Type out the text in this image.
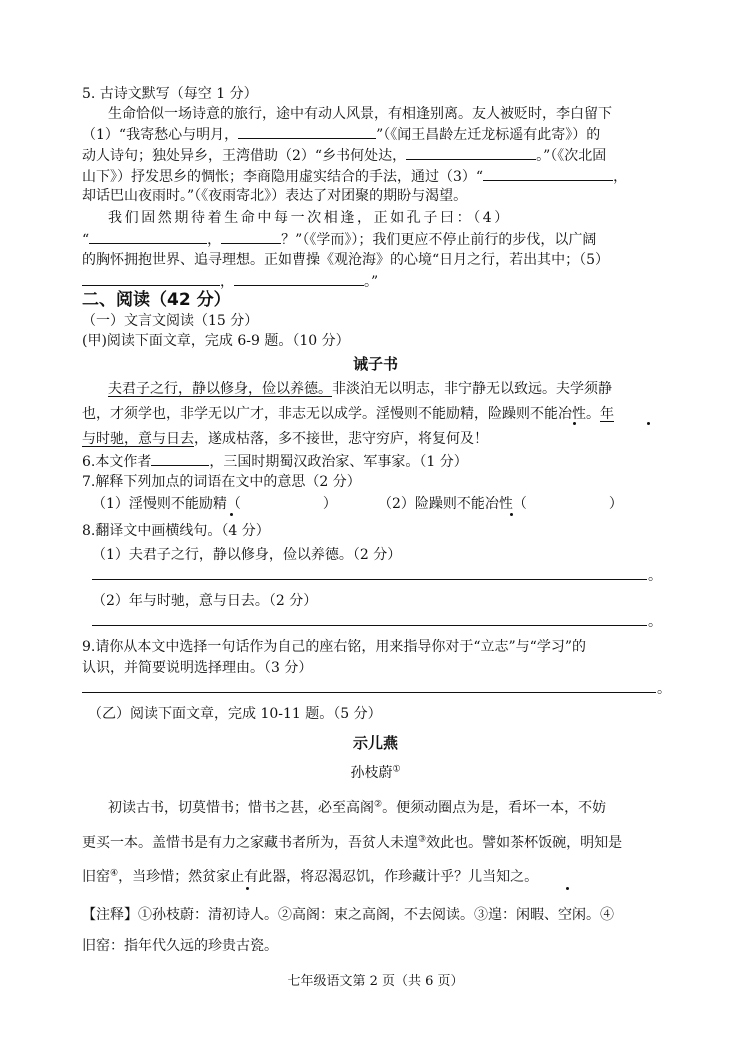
5. 古诗文默写（每空 1 分）
生命恰似一场诗意的旅行，途中有动人风景，有相逢别离。友人被贬时，李白留下
（1）“我寄愁心与明月，	”（《闻王昌龄左迁龙标遥有此寄》）的
动人诗句；独处异乡，王湾借助（2）“乡书何处达，	。”（《次北固
山下》）抒发思乡的惆怅；李商隐用虚实结合的手法，通过（3）“	，
却话巴山夜雨时。”（《夜雨寄北》）表达了对团聚的期盼与渴望。
我们固然期待着生命中每一次相逢，正如孔子曰：（4）
“	，	？”（《学而》）；我们更应不停止前行的步伐，以广阔
的胸怀拥抱世界、追寻理想。正如曹操《观沧海》的心境“日月之行，若出其中；（5）
，	。”
二、阅读（42 分）
（一）文言文阅读（15 分）
(甲)阅读下面文章，完成 6-9 题。（10 分）
诫子书
夫君子之行，静以修身，俭以养德。非淡泊无以明志，非宁静无以致远。夫学须静
也，才须学也，非学无以广才，非志无以成学。淫慢则不能励精，险躁则不能冶性。年
与时驰，意与日去，遂成枯落，多不接世，悲守穷庐，将复何及！
6.本文作者	，三国时期蜀汉政治家、军事家。（1 分）
7.解释下列加点的词语在文中的意思（2 分）
（1）淫慢则不能励精（	）	（2）险躁则不能冶性（	）
8.翻译文中画横线句。（4 分）
（1）夫君子之行，静以修身，俭以养德。（2 分）
。
（2）年与时驰，意与日去。（2 分）
。
9.请你从本文中选择一句话作为自己的座右铭，用来指导你对于“立志”与“学习”的
认识，并简要说明选择理由。（3 分）
。
（乙）阅读下面文章，完成 10-11 题。（5 分）
示儿燕
孙枝蔚①
初读古书，切莫惜书；惜书之甚，必至高阁②。便须动圈点为是，看坏一本，不妨
更买一本。盖惜书是有力之家藏书者所为，吾贫人未遑③效此也。譬如茶杯饭碗，明知是
旧窑④，当珍惜；然贫家止有此器，将忍渴忍饥，作珍藏计乎？儿当知之。
【注释】①孙枝蔚：清初诗人。②高阁：束之高阁，不去阅读。③遑：闲暇、空闲。④
旧窑：指年代久远的珍贵古瓷。
七年级语文第 2 页（共 6 页）
